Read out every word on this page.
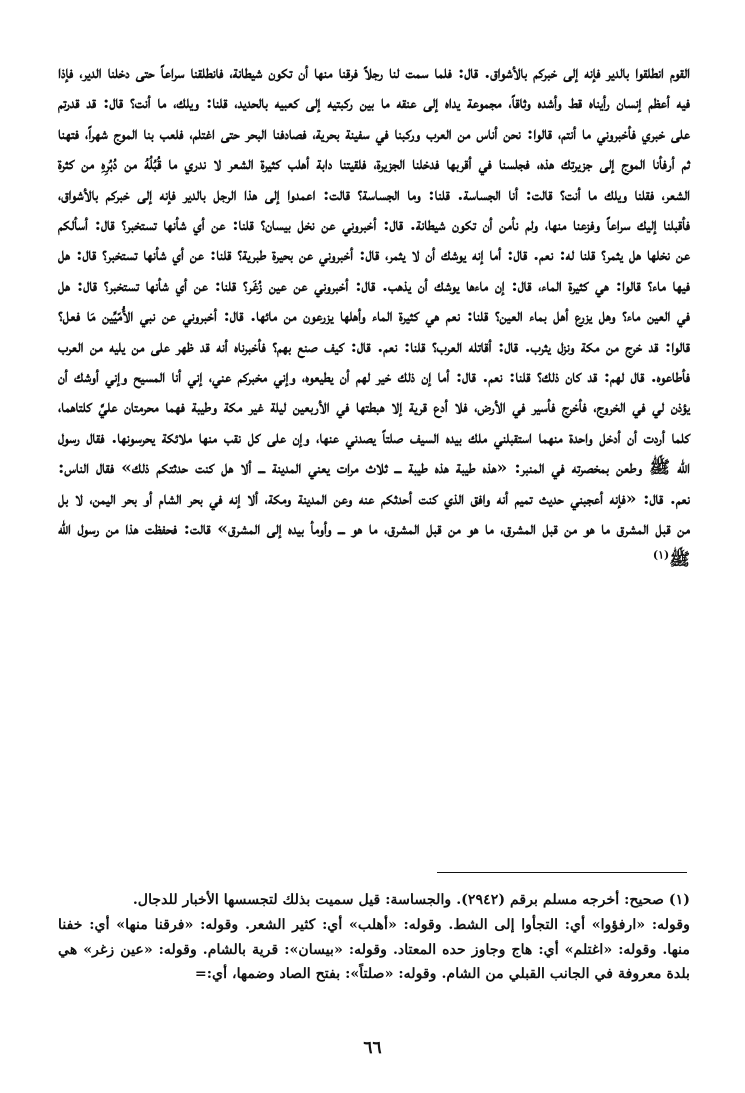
القوم انطلقوا بالدير فإنه إلى خبركم بالأشواق. قال: فلما سمت لنا رجلاً فرقنا منها أن تكون شيطانة، فانطلقنا سراعاً حتى دخلنا الدير، فإذا فيه أعظم إنسان رأيناه قط وأشده وثاقاً، مجموعة يداه إلى عنقه ما بين ركبتيه إلى كعبيه بالحديد، قلنا: ويلك، ما أنت؟ قال: قد قدرتم على خبري فأخبروني ما أنتم، قالوا: نحن أناس من العرب وركبنا في سفينة بحرية، فصادفنا البحر حتى اغتلم، فلعب بنا الموج شهراً، فتهنا ثم أرفأنا الموج إلى جزيرتك هذه، فجلسنا في أقربها فدخلنا الجزيرة، فلقيتنا دابة أهلب كثيرة الشعر لا ندري ما قُبُلُهُ من دُبُرِهِ من كثرة الشعر، فقلنا ويلك ما أنت؟ قالت: أنا الجساسة. قلنا: وما الجساسة؟ قالت: اعمدوا إلى هذا الرجل بالدير فإنه إلى خبركم بالأشواق، فأقبلنا إليك سراعاً وفزعنا منها، ولم نأمن أن تكون شيطانة. قال: أخبروني عن نخل بيسان؟ قلنا: عن أي شأنها تستخبر؟ قال: أسألكم عن نخلها هل يثمر؟ قلنا له: نعم. قال: أما إنه يوشك أن لا يثمر، قال: أخبروني عن بحيرة طبرية؟ قلنا: عن أي شأنها تستخبر؟ قال: هل فيها ماء؟ قالوا: هي كثيرة الماء، قال: إن ماءها يوشك أن يذهب. قال: أخبروني عن عين زُغَر؟ قلنا: عن أي شأنها تستخبر؟ قال: هل في العين ماء؟ وهل يزرع أهل بماء العين؟ قلنا: نعم هي كثيرة الماء وأهلها يزرعون من مائها. قال: أخبروني عن نبي الأُمّيِّين مَا فعل؟ قالوا: قد خرج من مكة ونزل يثرب. قال: أقاتله العرب؟ قلنا: نعم. قال: كيف صنع بهم؟ فأخبرناه أنه قد ظهر على من يليه من العرب فأطاعوه. قال لهم: قد كان ذلك؟ قلنا: نعم. قال: أما إن ذلك خير لهم أن يطيعوه، وإني مخبركم عني، إني أنا المسيح وإني أوشك أن يؤذن لي في الخروج، فأخرج فأسير في الأرض، فلا أدع قرية إلا هبطتها في الأربعين ليلة غير مكة وطيبة فهما محرمتان عليَّ كلتاهما، كلما أردت أن أدخل واحدة منهما استقبلني ملك بيده السيف صلتاً يصدني عنها، وإن على كل نقب منها ملائكة يحرسونها. فقال رسول الله ﷺ وطعن بمخصرته في المنبر: «هذه طيبة هذه طيبة ـــ ثلاث مرات يعني المدينة ـــ ألا هل كنت حدثتكم ذلك» فقال الناس: نعم. قال: «فإنه أعجبني حديث تميم أنه وافق الذي كنت أحدثكم عنه وعن المدينة ومكة، ألا إنه في بحر الشام أو بحر اليمن، لا بل من قبل المشرق ما هو من قبل المشرق، ما هو من قبل المشرق، ما هو ـــ وأومأ بيده إلى المشرق» قالت: فحفظت هذا من رسول الله ﷺ$^{(١)}$

(١) صحيح: أخرجه مسلم برقم (٢٩٤٢). والجساسة: قيل سميت بذلك لتجسسها الأخبار للدجال.

وقوله: «ارفؤوا» أي: التجأوا إلى الشط. وقوله: «أهلب» أي: كثير الشعر. وقوله: «فرقنا منها» أي: خفنا منها. وقوله: «اغتلم» أي: هاج وجاوز حده المعتاد. وقوله: «بيسان»: قرية بالشام. وقوله: «عين زغر» هي بلدة معروفة في الجانب القبلي من الشام. وقوله: «صلتاً»: بفتح الصاد وضمها، أي:=

٦٦
